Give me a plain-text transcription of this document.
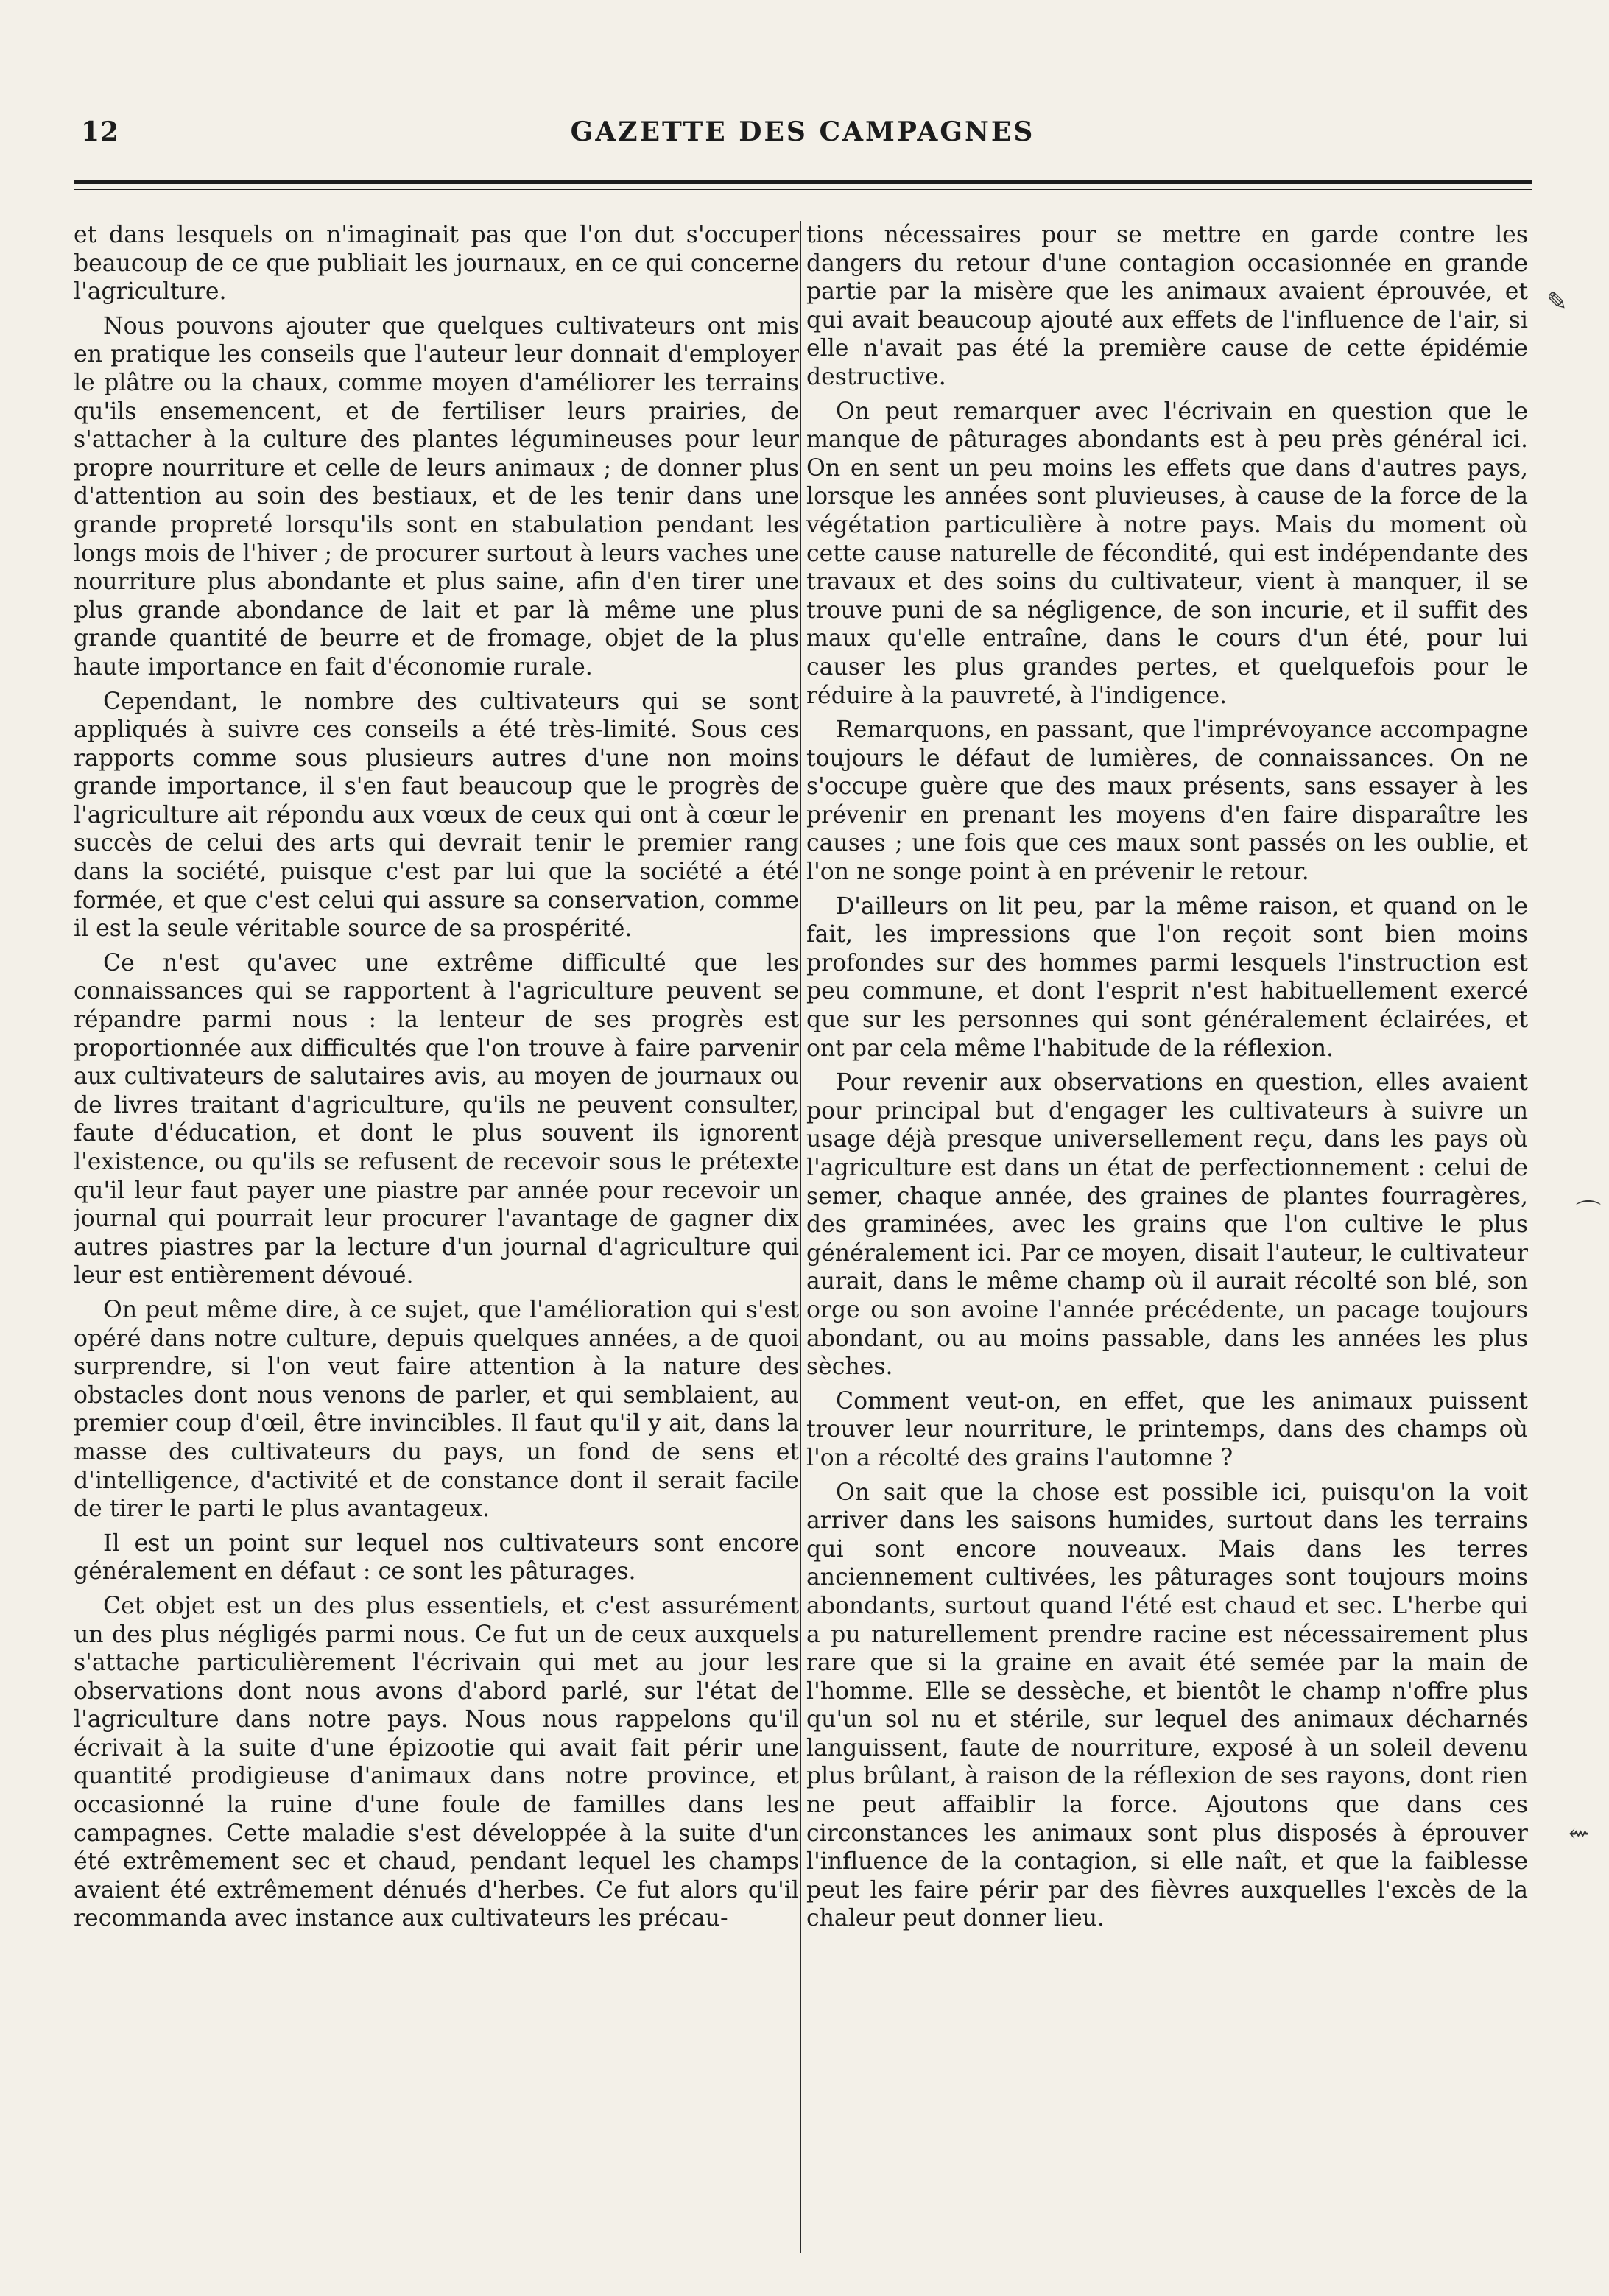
12	GAZETTE DES CAMPAGNES

et dans lesquels on n'imaginait pas que l'on dut s'occuper beaucoup de ce que publiait les journaux, en ce qui concerne l'agriculture.

Nous pouvons ajouter que quelques cultivateurs ont mis en pratique les conseils que l'auteur leur donnait d'employer le plâtre ou la chaux, comme moyen d'améliorer les terrains qu'ils ensemencent, et de fertiliser leurs prairies, de s'attacher à la culture des plantes légumineuses pour leur propre nourriture et celle de leurs animaux ; de donner plus d'attention au soin des bestiaux, et de les tenir dans une grande propreté lorsqu'ils sont en stabulation pendant les longs mois de l'hiver ; de procurer surtout à leurs vaches une nourriture plus abondante et plus saine, afin d'en tirer une plus grande abondance de lait et par là même une plus grande quantité de beurre et de fromage, objet de la plus haute importance en fait d'économie rurale.

Cependant, le nombre des cultivateurs qui se sont appliqués à suivre ces conseils a été très-limité. Sous ces rapports comme sous plusieurs autres d'une non moins grande importance, il s'en faut beaucoup que le progrès de l'agriculture ait répondu aux vœux de ceux qui ont à cœur le succès de celui des arts qui devrait tenir le premier rang dans la société, puisque c'est par lui que la société a été formée, et que c'est celui qui assure sa conservation, comme il est la seule véritable source de sa prospérité.

Ce n'est qu'avec une extrême difficulté que les connaissances qui se rapportent à l'agriculture peuvent se répandre parmi nous : la lenteur de ses progrès est proportionnée aux difficultés que l'on trouve à faire parvenir aux cultivateurs de salutaires avis, au moyen de journaux ou de livres traitant d'agriculture, qu'ils ne peuvent consulter, faute d'éducation, et dont le plus souvent ils ignorent l'existence, ou qu'ils se refusent de recevoir sous le prétexte qu'il leur faut payer une piastre par année pour recevoir un journal qui pourrait leur procurer l'avantage de gagner dix autres piastres par la lecture d'un journal d'agriculture qui leur est entièrement dévoué.

On peut même dire, à ce sujet, que l'amélioration qui s'est opéré dans notre culture, depuis quelques années, a de quoi surprendre, si l'on veut faire attention à la nature des obstacles dont nous venons de parler, et qui semblaient, au premier coup d'œil, être invincibles. Il faut qu'il y ait, dans la masse des cultivateurs du pays, un fond de sens et d'intelligence, d'activité et de constance dont il serait facile de tirer le parti le plus avantageux.

Il est un point sur lequel nos cultivateurs sont encore généralement en défaut : ce sont les pâturages.

Cet objet est un des plus essentiels, et c'est assurément un des plus négligés parmi nous. Ce fut un de ceux auxquels s'attache particulièrement l'écrivain qui met au jour les observations dont nous avons d'abord parlé, sur l'état de l'agriculture dans notre pays. Nous nous rappelons qu'il écrivait à la suite d'une épizootie qui avait fait périr une quantité prodigieuse d'animaux dans notre province, et occasionné la ruine d'une foule de familles dans les campagnes. Cette maladie s'est développée à la suite d'un été extrêmement sec et chaud, pendant lequel les champs avaient été extrêmement dénués d'herbes. Ce fut alors qu'il recommanda avec instance aux cultivateurs les précau-

tions nécessaires pour se mettre en garde contre les dangers du retour d'une contagion occasionnée en grande partie par la misère que les animaux avaient éprouvée, et qui avait beaucoup ajouté aux effets de l'influence de l'air, si elle n'avait pas été la première cause de cette épidémie destructive.

On peut remarquer avec l'écrivain en question que le manque de pâturages abondants est à peu près général ici. On en sent un peu moins les effets que dans d'autres pays, lorsque les années sont pluvieuses, à cause de la force de la végétation particulière à notre pays. Mais du moment où cette cause naturelle de fécondité, qui est indépendante des travaux et des soins du cultivateur, vient à manquer, il se trouve puni de sa négligence, de son incurie, et il suffit des maux qu'elle entraîne, dans le cours d'un été, pour lui causer les plus grandes pertes, et quelquefois pour le réduire à la pauvreté, à l'indigence.

Remarquons, en passant, que l'imprévoyance accompagne toujours le défaut de lumières, de connaissances. On ne s'occupe guère que des maux présents, sans essayer à les prévenir en prenant les moyens d'en faire disparaître les causes ; une fois que ces maux sont passés on les oublie, et l'on ne songe point à en prévenir le retour.

D'ailleurs on lit peu, par la même raison, et quand on le fait, les impressions que l'on reçoit sont bien moins profondes sur des hommes parmi lesquels l'instruction est peu commune, et dont l'esprit n'est habituellement exercé que sur les personnes qui sont généralement éclairées, et ont par cela même l'habitude de la réflexion.

Pour revenir aux observations en question, elles avaient pour principal but d'engager les cultivateurs à suivre un usage déjà presque universellement reçu, dans les pays où l'agriculture est dans un état de perfectionnement : celui de semer, chaque année, des graines de plantes fourragères, des graminées, avec les grains que l'on cultive le plus généralement ici. Par ce moyen, disait l'auteur, le cultivateur aurait, dans le même champ où il aurait récolté son blé, son orge ou son avoine l'année précédente, un pacage toujours abondant, ou au moins passable, dans les années les plus sèches.

Comment veut-on, en effet, que les animaux puissent trouver leur nourriture, le printemps, dans des champs où l'on a récolté des grains l'automne ?

On sait que la chose est possible ici, puisqu'on la voit arriver dans les saisons humides, surtout dans les terrains qui sont encore nouveaux. Mais dans les terres anciennement cultivées, les pâturages sont toujours moins abondants, surtout quand l'été est chaud et sec. L'herbe qui a pu naturellement prendre racine est nécessairement plus rare que si la graine en avait été semée par la main de l'homme. Elle se dessèche, et bientôt le champ n'offre plus qu'un sol nu et stérile, sur lequel des animaux décharnés languissent, faute de nourriture, exposé à un soleil devenu plus brûlant, à raison de la réflexion de ses rayons, dont rien ne peut affaiblir la force. Ajoutons que dans ces circonstances les animaux sont plus disposés à éprouver l'influence de la contagion, si elle naît, et que la faiblesse peut les faire périr par des fièvres auxquelles l'excès de la chaleur peut donner lieu.

✎
⌒
⇜
